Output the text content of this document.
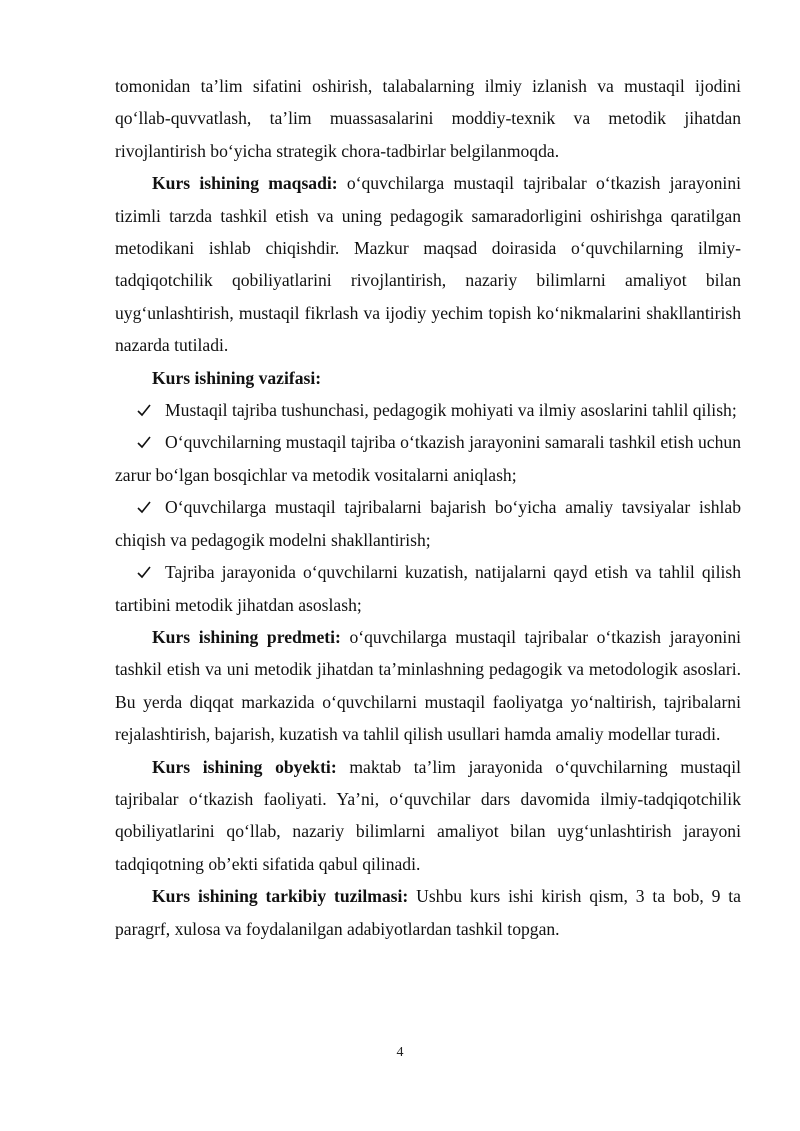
tomonidan ta’lim sifatini oshirish, talabalarning ilmiy izlanish va mustaqil ijodini qo‘llab-quvvatlash, ta’lim muassasalarini moddiy-texnik va metodik jihatdan rivojlantirish bo‘yicha strategik chora-tadbirlar belgilanmoqda.

Kurs ishining maqsadi: o‘quvchilarga mustaqil tajribalar o‘tkazish jarayonini tizimli tarzda tashkil etish va uning pedagogik samaradorligini oshirishga qaratilgan metodikani ishlab chiqishdir. Mazkur maqsad doirasida o‘quvchilarning ilmiy-tadqiqotchilik qobiliyatlarini rivojlantirish, nazariy bilimlarni amaliyot bilan uyg‘unlashtirish, mustaqil fikrlash va ijodiy yechim topish ko‘nikmalarini shakllantirish nazarda tutiladi.

Kurs ishining vazifasi:

Mustaqil tajriba tushunchasi, pedagogik mohiyati va ilmiy asoslarini tahlil qilish;

O‘quvchilarning mustaqil tajriba o‘tkazish jarayonini samarali tashkil etish uchun zarur bo‘lgan bosqichlar va metodik vositalarni aniqlash;

O‘quvchilarga mustaqil tajribalarni bajarish bo‘yicha amaliy tavsiyalar ishlab chiqish va pedagogik modelni shakllantirish;

Tajriba jarayonida o‘quvchilarni kuzatish, natijalarni qayd etish va tahlil qilish tartibini metodik jihatdan asoslash;

Kurs ishining predmeti: o‘quvchilarga mustaqil tajribalar o‘tkazish jarayonini tashkil etish va uni metodik jihatdan ta’minlashning pedagogik va metodologik asoslari. Bu yerda diqqat markazida o‘quvchilarni mustaqil faoliyatga yo‘naltirish, tajribalarni rejalashtirish, bajarish, kuzatish va tahlil qilish usullari hamda amaliy modellar turadi.

Kurs ishining obyekti: maktab ta’lim jarayonida o‘quvchilarning mustaqil tajribalar o‘tkazish faoliyati. Ya’ni, o‘quvchilar dars davomida ilmiy-tadqiqotchilik qobiliyatlarini qo‘llab, nazariy bilimlarni amaliyot bilan uyg‘unlashtirish jarayoni tadqiqotning ob’ekti sifatida qabul qilinadi.

Kurs ishining tarkibiy tuzilmasi: Ushbu kurs ishi kirish qism, 3 ta bob, 9 ta paragrf, xulosa va foydalanilgan adabiyotlardan tashkil topgan.

4
